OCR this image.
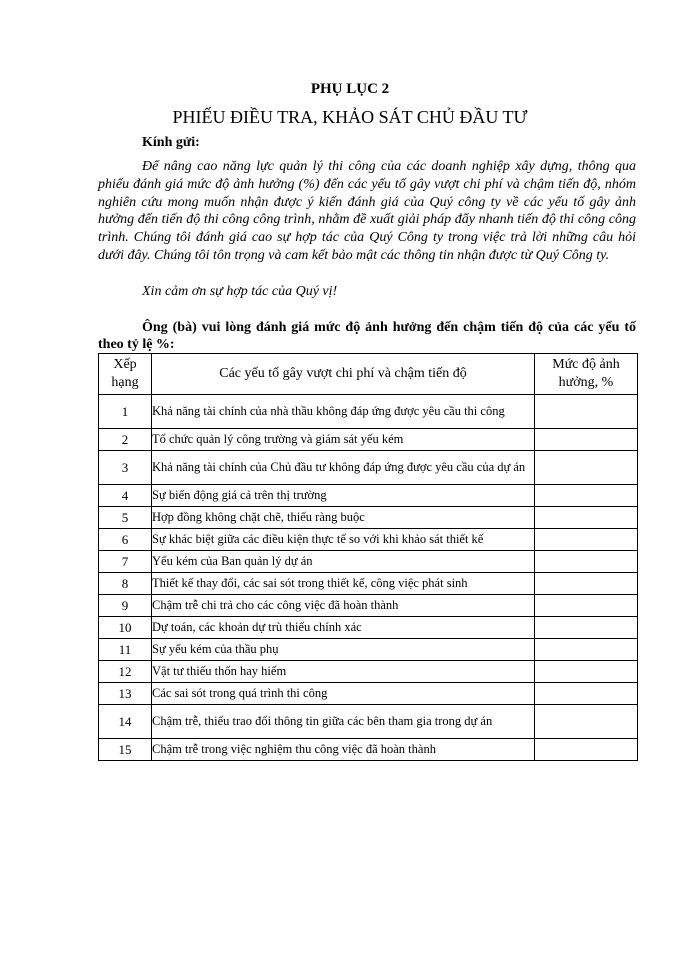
PHỤ LỤC 2
PHIẾU ĐIỀU TRA, KHẢO SÁT CHỦ ĐẦU TƯ
Kính gửi:

Để nâng cao năng lực quản lý thi công của các doanh nghiệp xây dựng, thông qua phiếu đánh giá mức độ ảnh hưởng (%) đến các yếu tố gây vượt chi phí và chậm tiến độ, nhóm nghiên cứu mong muốn nhận được ý kiến đánh giá của Quý công ty về các yếu tố gây ảnh hưởng đến tiến độ thi công công trình, nhằm đề xuất giải pháp đẩy nhanh tiến độ thi công công trình. Chúng tôi đánh giá cao sự hợp tác của Quý Công ty trong việc trả lời những câu hỏi dưới đây. Chúng tôi tôn trọng và cam kết bảo mật các thông tin nhận được từ Quý Công ty.

Xin cảm ơn sự hợp tác của Quý vị!

Ông (bà) vui lòng đánh giá mức độ ảnh hưởng đến chậm tiến độ của các yếu tố theo tỷ lệ %:

Xếp hạng	Các yếu tố gây vượt chi phí và chậm tiến độ	Mức độ ảnh hưởng, %
1	Khả năng tài chính của nhà thầu không đáp ứng được yêu cầu thi công	
2	Tổ chức quản lý công trường và giám sát yếu kém	
3	Khả năng tài chính của Chủ đầu tư không đáp ứng được yêu cầu của dự án	
4	Sự biến động giá cả trên thị trường	
5	Hợp đồng không chặt chẽ, thiếu ràng buộc	
6	Sự khác biệt giữa các điều kiện thực tế so với khi khảo sát thiết kế	
7	Yếu kém của Ban quản lý dự án	
8	Thiết kế thay đổi, các sai sót trong thiết kế, công việc phát sinh	
9	Chậm trễ chi trả cho các công việc đã hoàn thành	
10	Dự toán, các khoản dự trù thiếu chính xác	
11	Sự yếu kém của thầu phụ	
12	Vật tư thiếu thốn hay hiếm	
13	Các sai sót trong quá trình thi công	
14	Chậm trễ, thiếu trao đổi thông tin giữa các bên tham gia trong dự án	
15	Chậm trễ trong việc nghiệm thu công việc đã hoàn thành	
